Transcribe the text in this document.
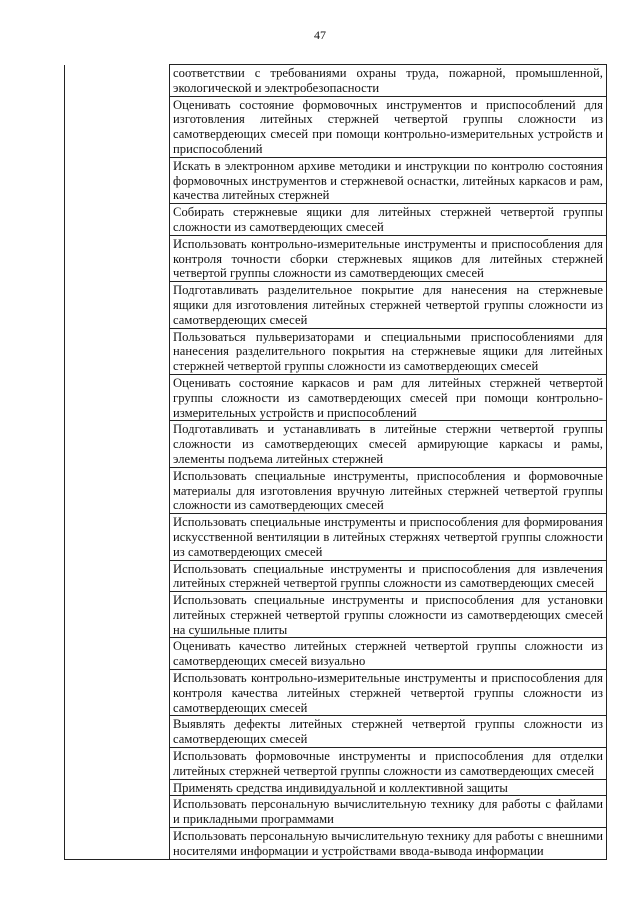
47
	соответствии с требованиями охраны труда, пожарной, промышленной, экологической и электробезопасности
Оценивать состояние формовочных инструментов и приспособлений для изготовления литейных стержней четвертой группы сложности из самотвердеющих смесей при помощи контрольно-измерительных устройств и приспособлений
Искать в электронном архиве методики и инструкции по контролю состояния формовочных инструментов и стержневой оснастки, литейных каркасов и рам, качества литейных стержней
Собирать стержневые ящики для литейных стержней четвертой группы сложности из самотвердеющих смесей
Использовать контрольно-измерительные инструменты и приспособления для контроля точности сборки стержневых ящиков для литейных стержней четвертой группы сложности из самотвердеющих смесей
Подготавливать разделительное покрытие для нанесения на стержневые ящики для изготовления литейных стержней четвертой группы сложности из самотвердеющих смесей
Пользоваться пульверизаторами и специальными приспособлениями для нанесения разделительного покрытия на стержневые ящики для литейных стержней четвертой группы сложности из самотвердеющих смесей
Оценивать состояние каркасов и рам для литейных стержней четвертой группы сложности из самотвердеющих смесей при помощи контрольно-измерительных устройств и приспособлений
Подготавливать и устанавливать в литейные стержни четвертой группы сложности из самотвердеющих смесей армирующие каркасы и рамы, элементы подъема литейных стержней
Использовать специальные инструменты, приспособления и формовочные материалы для изготовления вручную литейных стержней четвертой группы сложности из самотвердеющих смесей
Использовать специальные инструменты и приспособления для формирования искусственной вентиляции в литейных стержнях четвертой группы сложности из самотвердеющих смесей
Использовать специальные инструменты и приспособления для извлечения литейных стержней четвертой группы сложности из самотвердеющих смесей
Использовать специальные инструменты и приспособления для установки литейных стержней четвертой группы сложности из самотвердеющих смесей на сушильные плиты
Оценивать качество литейных стержней четвертой группы сложности из самотвердеющих смесей визуально
Использовать контрольно-измерительные инструменты и приспособления для контроля качества литейных стержней четвертой группы сложности из самотвердеющих смесей
Выявлять дефекты литейных стержней четвертой группы сложности из самотвердеющих смесей
Использовать формовочные инструменты и приспособления для отделки литейных стержней четвертой группы сложности из самотвердеющих смесей
Применять средства индивидуальной и коллективной защиты
Использовать персональную вычислительную технику для работы с файлами и прикладными программами
Использовать персональную вычислительную технику для работы с внешними носителями информации и устройствами ввода-вывода информации
